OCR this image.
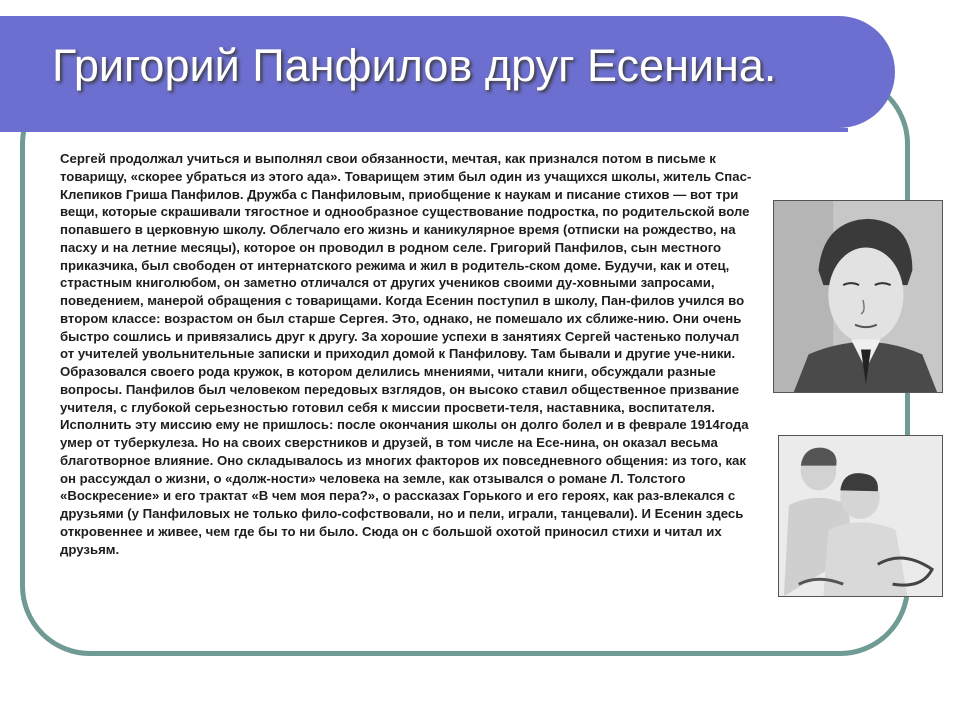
Григорий Панфилов друг Есенина.

Сергей продолжал учиться и выполнял свои обязанности, мечтая, как признался потом в письме к товарищу, «скорее убраться из этого ада». Товарищем этим был один из учащихся школы, житель Спас-Клепиков Гриша Панфилов. Дружба с Панфиловым, приобщение к наукам и писание стихов — вот три вещи, которые скрашивали тягостное и однообразное существование подростка, по родительской воле попавшего в церковную школу. Облегчало его жизнь и каникулярное время (отписки на рождество, на пасху и на летние месяцы), которое он проводил в родном селе. Григорий Панфилов, сын местного приказчика, был свободен от интернатского режима и жил в родитель-ском доме. Будучи, как и отец, страстным книголюбом, он заметно отличался от других учеников своими ду-ховными запросами, поведением, манерой обращения с товарищами. Когда Есенин поступил в школу, Пан-филов учился во втором классе: возрастом он был старше Сергея. Это, однако, не помешало их сближе-нию. Они очень быстро сошлись и привязались друг к другу. За хорошие успехи в занятиях Сергей частенько получал от учителей увольнительные записки и приходил домой к Панфилову. Там бывали и другие уче-ники. Образовался своего рода кружок, в котором делились мнениями, читали книги, обсуждали разные вопросы. Панфилов был человеком передовых взглядов, он высоко ставил общественное призвание учителя, с глубокой серьезностью готовил себя к миссии просвети-теля, наставника, воспитателя. Исполнить эту миссию ему не пришлось: после окончания школы он долго болел и в феврале 1914года умер от туберкулеза. Но на своих сверстников и друзей, в том числе на Есе-нина, он оказал весьма благотворное влияние. Оно складывалось из многих факторов их повседневного общения: из того, как он рассуждал о жизни, о «долж-ности» человека на земле, как отзывался о романе Л. Толстого «Воскресение» и его трактат «В чем моя пера?», о рассказах Горького и его героях, как раз-влекался с друзьями (у Панфиловых не только фило-софствовали, но и пели, играли, танцевали). И Есенин здесь откровеннее и живее, чем где бы то ни было. Сюда он с большой охотой приносил стихи и читал их друзьям.
